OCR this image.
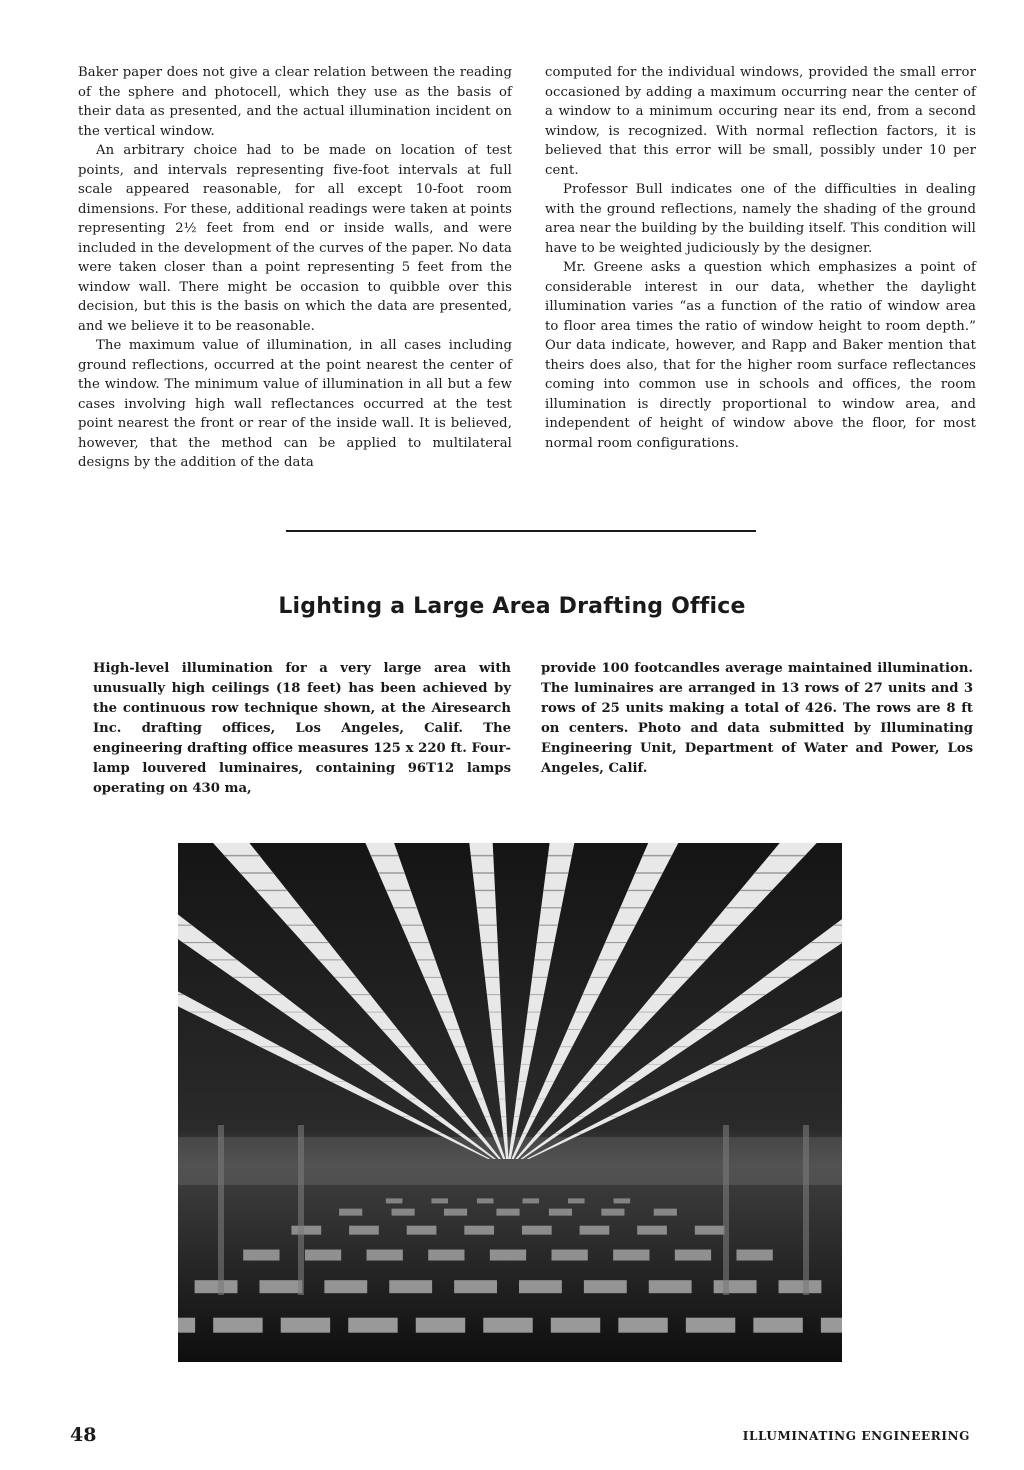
Baker paper does not give a clear relation between the reading of the sphere and photocell, which they use as the basis of their data as presented, and the actual illumination incident on the vertical window.

An arbitrary choice had to be made on location of test points, and intervals representing five-foot intervals at full scale appeared reasonable, for all except 10-foot room dimensions. For these, additional readings were taken at points representing 2½ feet from end or inside walls, and were included in the development of the curves of the paper. No data were taken closer than a point representing 5 feet from the window wall. There might be occasion to quibble over this decision, but this is the basis on which the data are presented, and we believe it to be reasonable.

The maximum value of illumination, in all cases including ground reflections, occurred at the point nearest the center of the window. The minimum value of illumination in all but a few cases involving high wall reflectances occurred at the test point nearest the front or rear of the inside wall. It is believed, however, that the method can be applied to multilateral designs by the addition of the data

computed for the individual windows, provided the small error occasioned by adding a maximum occurring near the center of a window to a minimum occuring near its end, from a second window, is recognized. With normal reflection factors, it is believed that this error will be small, possibly under 10 per cent.

Professor Bull indicates one of the difficulties in dealing with the ground reflections, namely the shading of the ground area near the building by the building itself. This condition will have to be weighted judiciously by the designer.

Mr. Greene asks a question which emphasizes a point of considerable interest in our data, whether the daylight illumination varies “as a function of the ratio of window area to floor area times the ratio of window height to room depth.” Our data indicate, however, and Rapp and Baker mention that theirs does also, that for the higher room surface reflectances coming into common use in schools and offices, the room illumination is directly proportional to window area, and independent of height of window above the floor, for most normal room configurations.

Lighting a Large Area Drafting Office

High-level illumination for a very large area with unusually high ceilings (18 feet) has been achieved by the continuous row technique shown, at the Airesearch Inc. drafting offices, Los Angeles, Calif. The engineering drafting office measures 125 x 220 ft. Four-lamp louvered luminaires, containing 96T12 lamps operating on 430 ma,

provide 100 footcandles average maintained illumination. The luminaires are arranged in 13 rows of 27 units and 3 rows of 25 units making a total of 426. The rows are 8 ft on centers. Photo and data submitted by Illuminating Engineering Unit, Department of Water and Power, Los Angeles, Calif.

48	ILLUMINATING ENGINEERING
